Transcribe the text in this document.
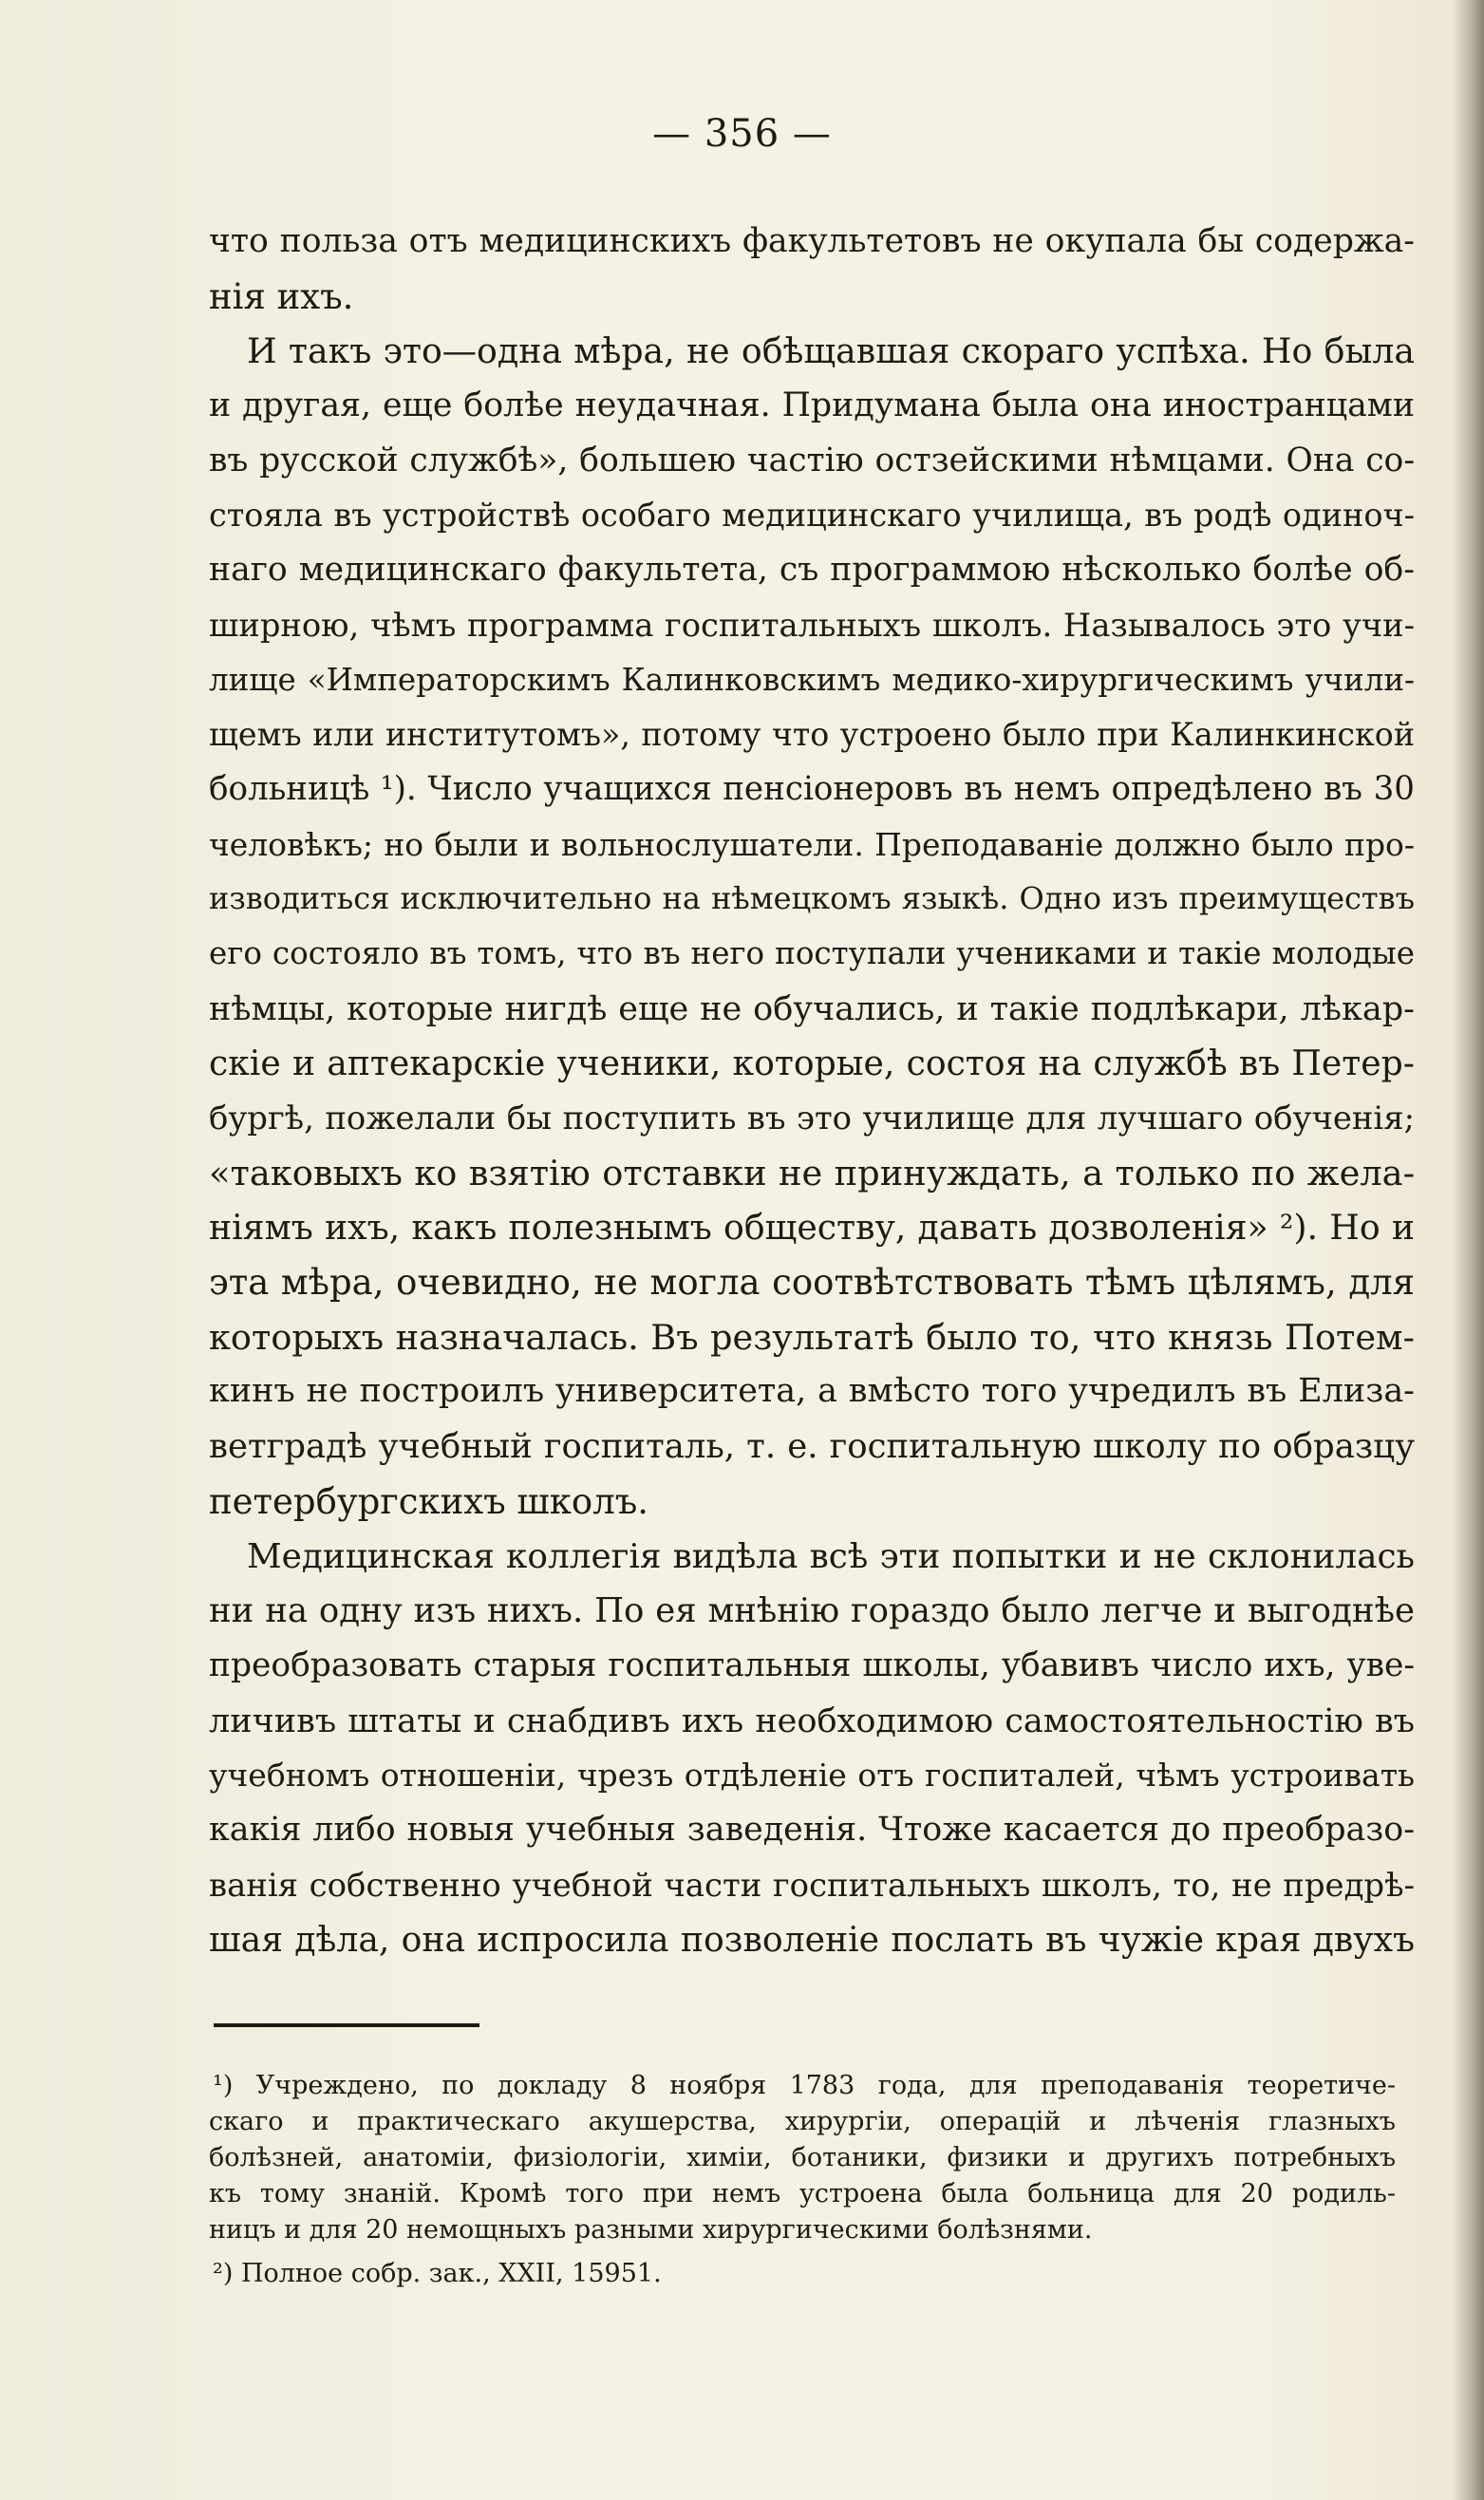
— 356 —
что польза отъ медицинскихъ факультетовъ не окупала бы содержа-
нія ихъ.
И такъ это—одна мѣра, не обѣщавшая скораго успѣха. Но была
и другая, еще болѣе неудачная. Придумана была она иностранцами
въ русской службѣ», большею частію остзейскими нѣмцами. Она со-
стояла въ устройствѣ особаго медицинскаго училища, въ родѣ одиноч-
наго медицинскаго факультета, съ программою нѣсколько болѣе об-
ширною, чѣмъ программа госпитальныхъ школъ. Называлось это учи-
лище «Императорскимъ Калинковскимъ медико-хирургическимъ учили-
щемъ или институтомъ», потому что устроено было при Калинкинской
больницѣ ¹). Число учащихся пенсіонеровъ въ немъ опредѣлено въ 30
человѣкъ; но были и вольнослушатели. Преподаваніе должно было про-
изводиться исключительно на нѣмецкомъ языкѣ. Одно изъ преимуществъ
его состояло въ томъ, что въ него поступали учениками и такіе молодые
нѣмцы, которые нигдѣ еще не обучались, и такіе подлѣкари, лѣкар-
скіе и аптекарскіе ученики, которые, состоя на службѣ въ Петер-
бургѣ, пожелали бы поступить въ это училище для лучшаго обученія;
«таковыхъ ко взятію отставки не принуждать, а только по жела-
ніямъ ихъ, какъ полезнымъ обществу, давать дозволенія» ²). Но и
эта мѣра, очевидно, не могла соотвѣтствовать тѣмъ цѣлямъ, для
которыхъ назначалась. Въ результатѣ было то, что князь Потем-
кинъ не построилъ университета, а вмѣсто того учредилъ въ Елиза-
ветградѣ учебный госпиталь, т. е. госпитальную школу по образцу
петербургскихъ школъ.
Медицинская коллегія видѣла всѣ эти попытки и не склонилась
ни на одну изъ нихъ. По ея мнѣнію гораздо было легче и выгоднѣе
преобразовать старыя госпитальныя школы, убавивъ число ихъ, уве-
личивъ штаты и снабдивъ ихъ необходимою самостоятельностію въ
учебномъ отношеніи, чрезъ отдѣленіе отъ госпиталей, чѣмъ устроивать
какія либо новыя учебныя заведенія. Чтоже касается до преобразо-
ванія собственно учебной части госпитальныхъ школъ, то, не предрѣ-
шая дѣла, она испросила позволеніе послать въ чужіе края двухъ
¹) Учреждено, по докладу 8 ноября 1783 года, для преподаванія теоретиче-
скаго и практическаго акушерства, хирургіи, операцій и лѣченія глазныхъ
болѣзней, анатоміи, физіологіи, химіи, ботаники, физики и другихъ потребныхъ
къ тому знаній. Кромѣ того при немъ устроена была больница для 20 родиль-
ницъ и для 20 немощныхъ разными хирургическими болѣзнями.
²) Полное собр. зак., XXII, 15951.
